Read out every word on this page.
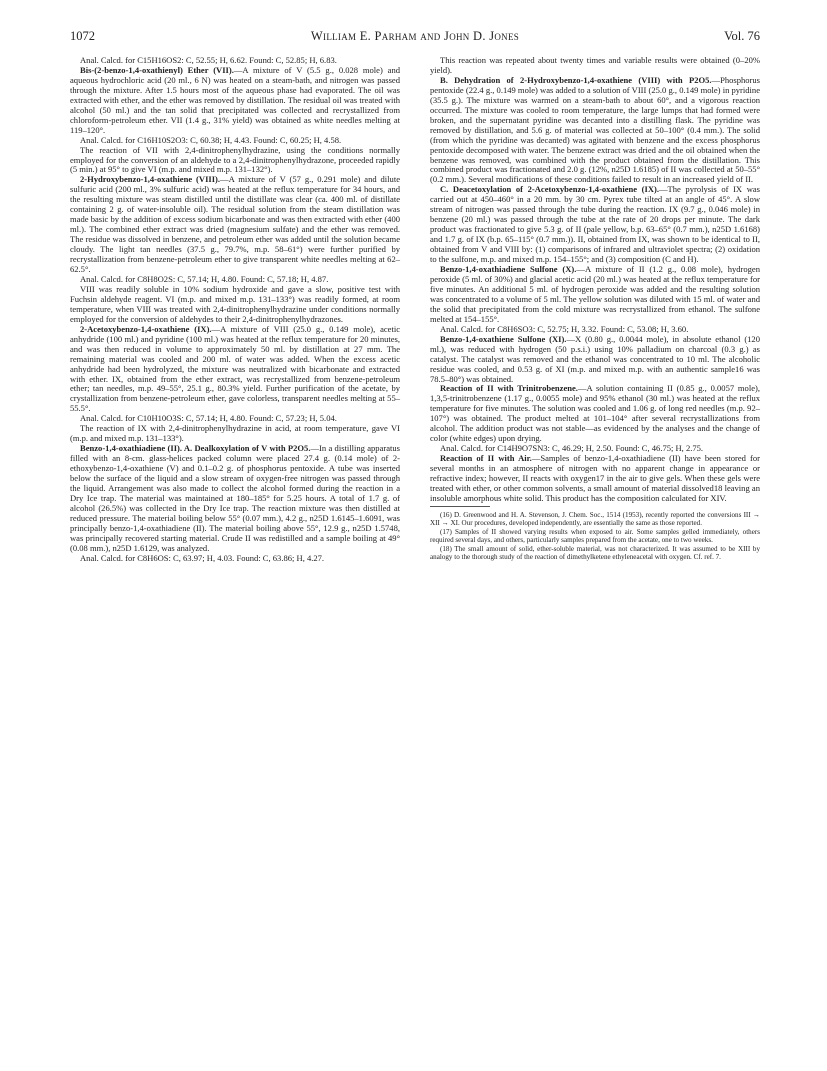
1072	William E. Parham and John D. Jones	Vol. 76

Anal. Calcd. for C15H16OS2: C, 52.55; H, 6.62. Found: C, 52.85; H, 6.83.

Bis-(2-benzo-1,4-oxathienyl) Ether (VII).—A mixture of V (5.5 g., 0.028 mole) and aqueous hydrochloric acid (20 ml., 6 N) was heated on a steam-bath, and nitrogen was passed through the mixture. After 1.5 hours most of the aqueous phase had evaporated. The oil was extracted with ether, and the ether was removed by distillation. The residual oil was treated with alcohol (50 ml.) and the tan solid that precipitated was collected and recrystallized from chloroform-petroleum ether. VII (1.4 g., 31% yield) was obtained as white needles melting at 119–120°.

Anal. Calcd. for C16H10S2O3: C, 60.38; H, 4.43. Found: C, 60.25; H, 4.58.

The reaction of VII with 2,4-dinitrophenylhydrazine, using the conditions normally employed for the conversion of an aldehyde to a 2,4-dinitrophenylhydrazone, proceeded rapidly (5 min.) at 95° to give VI (m.p. and mixed m.p. 131–132°).

2-Hydroxybenzo-1,4-oxathiene (VIII).—A mixture of V (57 g., 0.291 mole) and dilute sulfuric acid (200 ml., 3% sulfuric acid) was heated at the reflux temperature for 34 hours, and the resulting mixture was steam distilled until the distillate was clear (ca. 400 ml. of distillate containing 2 g. of water-insoluble oil). The residual solution from the steam distillation was made basic by the addition of excess sodium bicarbonate and was then extracted with ether (400 ml.). The combined ether extract was dried (magnesium sulfate) and the ether was removed. The residue was dissolved in benzene, and petroleum ether was added until the solution became cloudy. The light tan needles (37.5 g., 79.7%, m.p. 58–61°) were further purified by recrystallization from benzene-petroleum ether to give transparent white needles melting at 62–62.5°.

Anal. Calcd. for C8H8O2S: C, 57.14; H, 4.80. Found: C, 57.18; H, 4.87.

VIII was readily soluble in 10% sodium hydroxide and gave a slow, positive test with Fuchsin aldehyde reagent. VI (m.p. and mixed m.p. 131–133°) was readily formed, at room temperature, when VIII was treated with 2,4-dinitrophenylhydrazine under conditions normally employed for the conversion of aldehydes to their 2,4-dinitrophenylhydrazones.

2-Acetoxybenzo-1,4-oxathiene (IX).—A mixture of VIII (25.0 g., 0.149 mole), acetic anhydride (100 ml.) and pyridine (100 ml.) was heated at the reflux temperature for 20 minutes, and was then reduced in volume to approximately 50 ml. by distillation at 27 mm. The remaining material was cooled and 200 ml. of water was added. When the excess acetic anhydride had been hydrolyzed, the mixture was neutralized with bicarbonate and extracted with ether. IX, obtained from the ether extract, was recrystallized from benzene-petroleum ether; tan needles, m.p. 49–55°, 25.1 g., 80.3% yield. Further purification of the acetate, by crystallization from benzene-petroleum ether, gave colorless, transparent needles melting at 55–55.5°.

Anal. Calcd. for C10H10O3S: C, 57.14; H, 4.80. Found: C, 57.23; H, 5.04.

The reaction of IX with 2,4-dinitrophenylhydrazine in acid, at room temperature, gave VI (m.p. and mixed m.p. 131–133°).

Benzo-1,4-oxathiadiene (II). A. Dealkoxylation of V with P2O5.—In a distilling apparatus filled with an 8-cm. glass-helices packed column were placed 27.4 g. (0.14 mole) of 2-ethoxybenzo-1,4-oxathiene (V) and 0.1–0.2 g. of phosphorus pentoxide. A tube was inserted below the surface of the liquid and a slow stream of oxygen-free nitrogen was passed through the liquid. Arrangement was also made to collect the alcohol formed during the reaction in a Dry Ice trap. The material was maintained at 180–185° for 5.25 hours. A total of 1.7 g. of alcohol (26.5%) was collected in the Dry Ice trap. The reaction mixture was then distilled at reduced pressure. The material boiling below 55° (0.07 mm.), 4.2 g., n25D 1.6145–1.6091, was principally benzo-1,4-oxathiadiene (II). The material boiling above 55°, 12.9 g., n25D 1.5748, was principally recovered starting material. Crude II was redistilled and a sample boiling at 49° (0.08 mm.), n25D 1.6129, was analyzed.

Anal. Calcd. for C8H6OS: C, 63.97; H, 4.03. Found: C, 63.86; H, 4.27.

This reaction was repeated about twenty times and variable results were obtained (0–20% yield).

B. Dehydration of 2-Hydroxybenzo-1,4-oxathiene (VIII) with P2O5.—Phosphorus pentoxide (22.4 g., 0.149 mole) was added to a solution of VIII (25.0 g., 0.149 mole) in pyridine (35.5 g.). The mixture was warmed on a steam-bath to about 60°, and a vigorous reaction occurred. The mixture was cooled to room temperature, the large lumps that had formed were broken, and the supernatant pyridine was decanted into a distilling flask. The pyridine was removed by distillation, and 5.6 g. of material was collected at 50–100° (0.4 mm.). The solid (from which the pyridine was decanted) was agitated with benzene and the excess phosphorus pentoxide decomposed with water. The benzene extract was dried and the oil obtained when the benzene was removed, was combined with the product obtained from the distillation. This combined product was fractionated and 2.0 g. (12%, n25D 1.6185) of II was collected at 50–55° (0.2 mm.). Several modifications of these conditions failed to result in an increased yield of II.

C. Deacetoxylation of 2-Acetoxybenzo-1,4-oxathiene (IX).—The pyrolysis of IX was carried out at 450–460° in a 20 mm. by 30 cm. Pyrex tube tilted at an angle of 45°. A slow stream of nitrogen was passed through the tube during the reaction. IX (9.7 g., 0.046 mole) in benzene (20 ml.) was passed through the tube at the rate of 20 drops per minute. The dark product was fractionated to give 5.3 g. of II (pale yellow, b.p. 63–65° (0.7 mm.), n25D 1.6168) and 1.7 g. of IX (b.p. 65–115° (0.7 mm.)). II, obtained from IX, was shown to be identical to II, obtained from V and VIII by: (1) comparisons of infrared and ultraviolet spectra; (2) oxidation to the sulfone, m.p. and mixed m.p. 154–155°; and (3) composition (C and H).

Benzo-1,4-oxathiadiene Sulfone (X).—A mixture of II (1.2 g., 0.08 mole), hydrogen peroxide (5 ml. of 30%) and glacial acetic acid (20 ml.) was heated at the reflux temperature for five minutes. An additional 5 ml. of hydrogen peroxide was added and the resulting solution was concentrated to a volume of 5 ml. The yellow solution was diluted with 15 ml. of water and the solid that precipitated from the cold mixture was recrystallized from ethanol. The sulfone melted at 154–155°.

Anal. Calcd. for C8H6SO3: C, 52.75; H, 3.32. Found: C, 53.08; H, 3.60.

Benzo-1,4-oxathiene Sulfone (XI).—X (0.80 g., 0.0044 mole), in absolute ethanol (120 ml.), was reduced with hydrogen (50 p.s.i.) using 10% palladium on charcoal (0.3 g.) as catalyst. The catalyst was removed and the ethanol was concentrated to 10 ml. The alcoholic residue was cooled, and 0.53 g. of XI (m.p. and mixed m.p. with an authentic sample16 was 78.5–80°) was obtained.

Reaction of II with Trinitrobenzene.—A solution containing II (0.85 g., 0.0057 mole), 1,3,5-trinitrobenzene (1.17 g., 0.0055 mole) and 95% ethanol (30 ml.) was heated at the reflux temperature for five minutes. The solution was cooled and 1.06 g. of long red needles (m.p. 92–107°) was obtained. The product melted at 101–104° after several recrystallizations from alcohol. The addition product was not stable—as evidenced by the analyses and the change of color (white edges) upon drying.

Anal. Calcd. for C14H9O7SN3: C, 46.29; H, 2.50. Found: C, 46.75; H, 2.75.

Reaction of II with Air.—Samples of benzo-1,4-oxathiadiene (II) have been stored for several months in an atmosphere of nitrogen with no apparent change in appearance or refractive index; however, II reacts with oxygen17 in the air to give gels. When these gels were treated with ether, or other common solvents, a small amount of material dissolved18 leaving an insoluble amorphous white solid. This product has the composition calculated for XIV.

(16) D. Greenwood and H. A. Stevenson, J. Chem. Soc., 1514 (1953), recently reported the conversions III → XII → XI. Our procedures, developed independently, are essentially the same as those reported.

(17) Samples of II showed varying results when exposed to air. Some samples gelled immediately, others required several days, and others, particularly samples prepared from the acetate, one to two weeks.

(18) The small amount of solid, ether-soluble material, was not characterized. It was assumed to be XIII by analogy to the thorough study of the reaction of dimethylketene ethyleneacetal with oxygen. Cf. ref. 7.
